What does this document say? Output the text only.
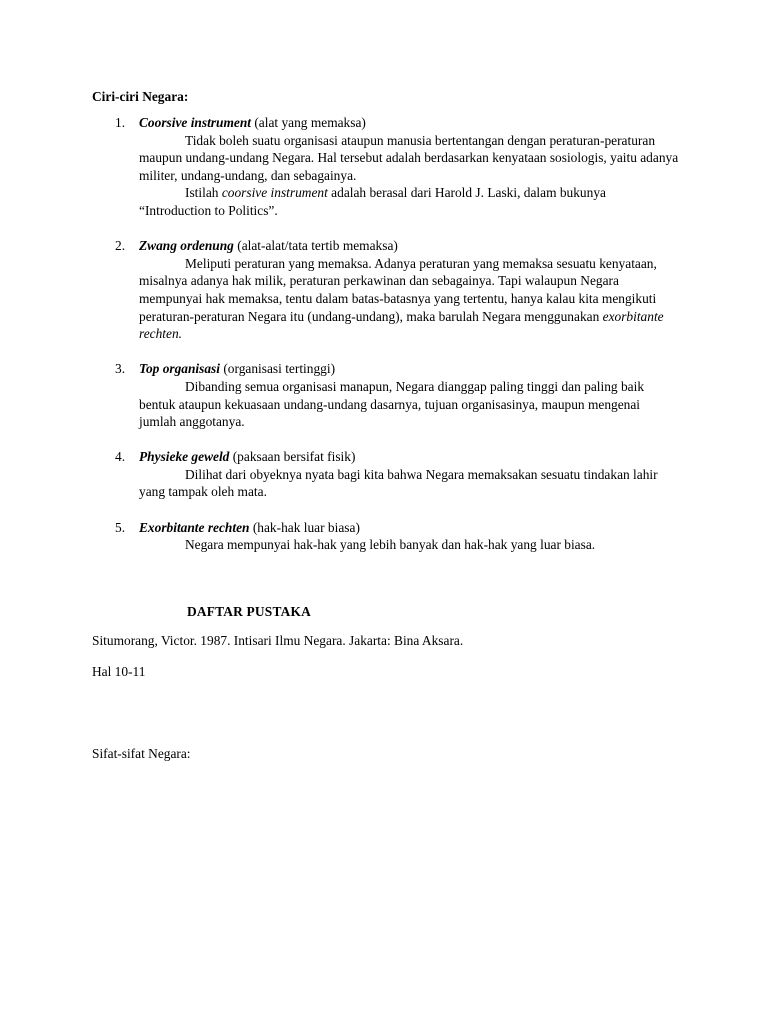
Ciri-ciri Negara:
1. Coorsive instrument (alat yang memaksa)
Tidak boleh suatu organisasi ataupun manusia bertentangan dengan peraturan-peraturan maupun undang-undang Negara. Hal tersebut adalah berdasarkan kenyataan sosiologis, yaitu adanya militer, undang-undang, dan sebagainya.
Istilah coorsive instrument adalah berasal dari Harold J. Laski, dalam bukunya “Introduction to Politics”.
2. Zwang ordenung (alat-alat/tata tertib memaksa)
Meliputi peraturan yang memaksa. Adanya peraturan yang memaksa sesuatu kenyataan, misalnya adanya hak milik, peraturan perkawinan dan sebagainya. Tapi walaupun Negara mempunyai hak memaksa, tentu dalam batas-batasnya yang tertentu, hanya kalau kita mengikuti peraturan-peraturan Negara itu (undang-undang), maka barulah Negara menggunakan exorbitante rechten.
3. Top organisasi (organisasi tertinggi)
Dibanding semua organisasi manapun, Negara dianggap paling tinggi dan paling baik bentuk ataupun kekuasaan undang-undang dasarnya, tujuan organisasinya, maupun mengenai jumlah anggotanya.
4. Physieke geweld (paksaan bersifat fisik)
Dilihat dari obyeknya nyata bagi kita bahwa Negara memaksakan sesuatu tindakan lahir yang tampak oleh mata.
5. Exorbitante rechten (hak-hak luar biasa)
Negara mempunyai hak-hak yang lebih banyak dan hak-hak yang luar biasa.
DAFTAR PUSTAKA
Situmorang, Victor. 1987. Intisari Ilmu Negara. Jakarta: Bina Aksara.
Hal 10-11
Sifat-sifat Negara:
